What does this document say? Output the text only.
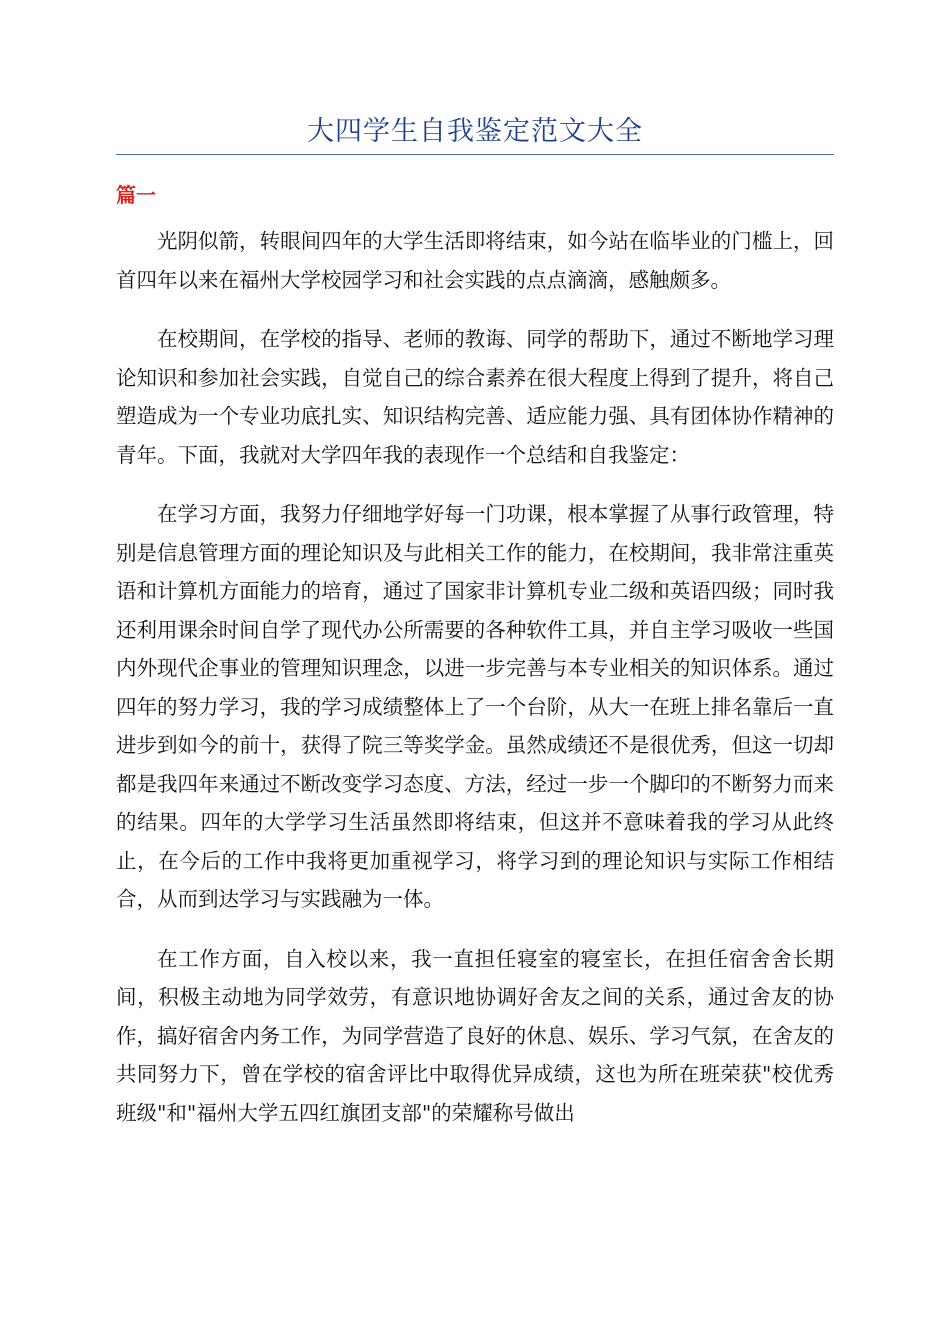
大四学生自我鉴定范文大全
篇一

光阴似箭，转眼间四年的大学生活即将结束，如今站在临毕业的门槛上，回首四年以来在福州大学校园学习和社会实践的点点滴滴，感触颇多。

在校期间，在学校的指导、老师的教诲、同学的帮助下，通过不断地学习理论知识和参加社会实践，自觉自己的综合素养在很大程度上得到了提升，将自己塑造成为一个专业功底扎实、知识结构完善、适应能力强、具有团体协作精神的青年。下面，我就对大学四年我的表现作一个总结和自我鉴定：

在学习方面，我努力仔细地学好每一门功课，根本掌握了从事行政管理，特别是信息管理方面的理论知识及与此相关工作的能力，在校期间，我非常注重英语和计算机方面能力的培育，通过了国家非计算机专业二级和英语四级；同时我还利用课余时间自学了现代办公所需要的各种软件工具，并自主学习吸收一些国内外现代企事业的管理知识理念，以进一步完善与本专业相关的知识体系。通过四年的努力学习，我的学习成绩整体上了一个台阶，从大一在班上排名靠后一直进步到如今的前十，获得了院三等奖学金。虽然成绩还不是很优秀，但这一切却都是我四年来通过不断改变学习态度、方法，经过一步一个脚印的不断努力而来的结果。四年的大学学习生活虽然即将结束，但这并不意味着我的学习从此终止，在今后的工作中我将更加重视学习，将学习到的理论知识与实际工作相结合，从而到达学习与实践融为一体。

在工作方面，自入校以来，我一直担任寝室的寝室长，在担任宿舍舍长期间，积极主动地为同学效劳，有意识地协调好舍友之间的关系，通过舍友的协作，搞好宿舍内务工作，为同学营造了良好的休息、娱乐、学习气氛，在舍友的共同努力下，曾在学校的宿舍评比中取得优异成绩，这也为所在班荣获"校优秀班级"和"福州大学五四红旗团支部"的荣耀称号做出
